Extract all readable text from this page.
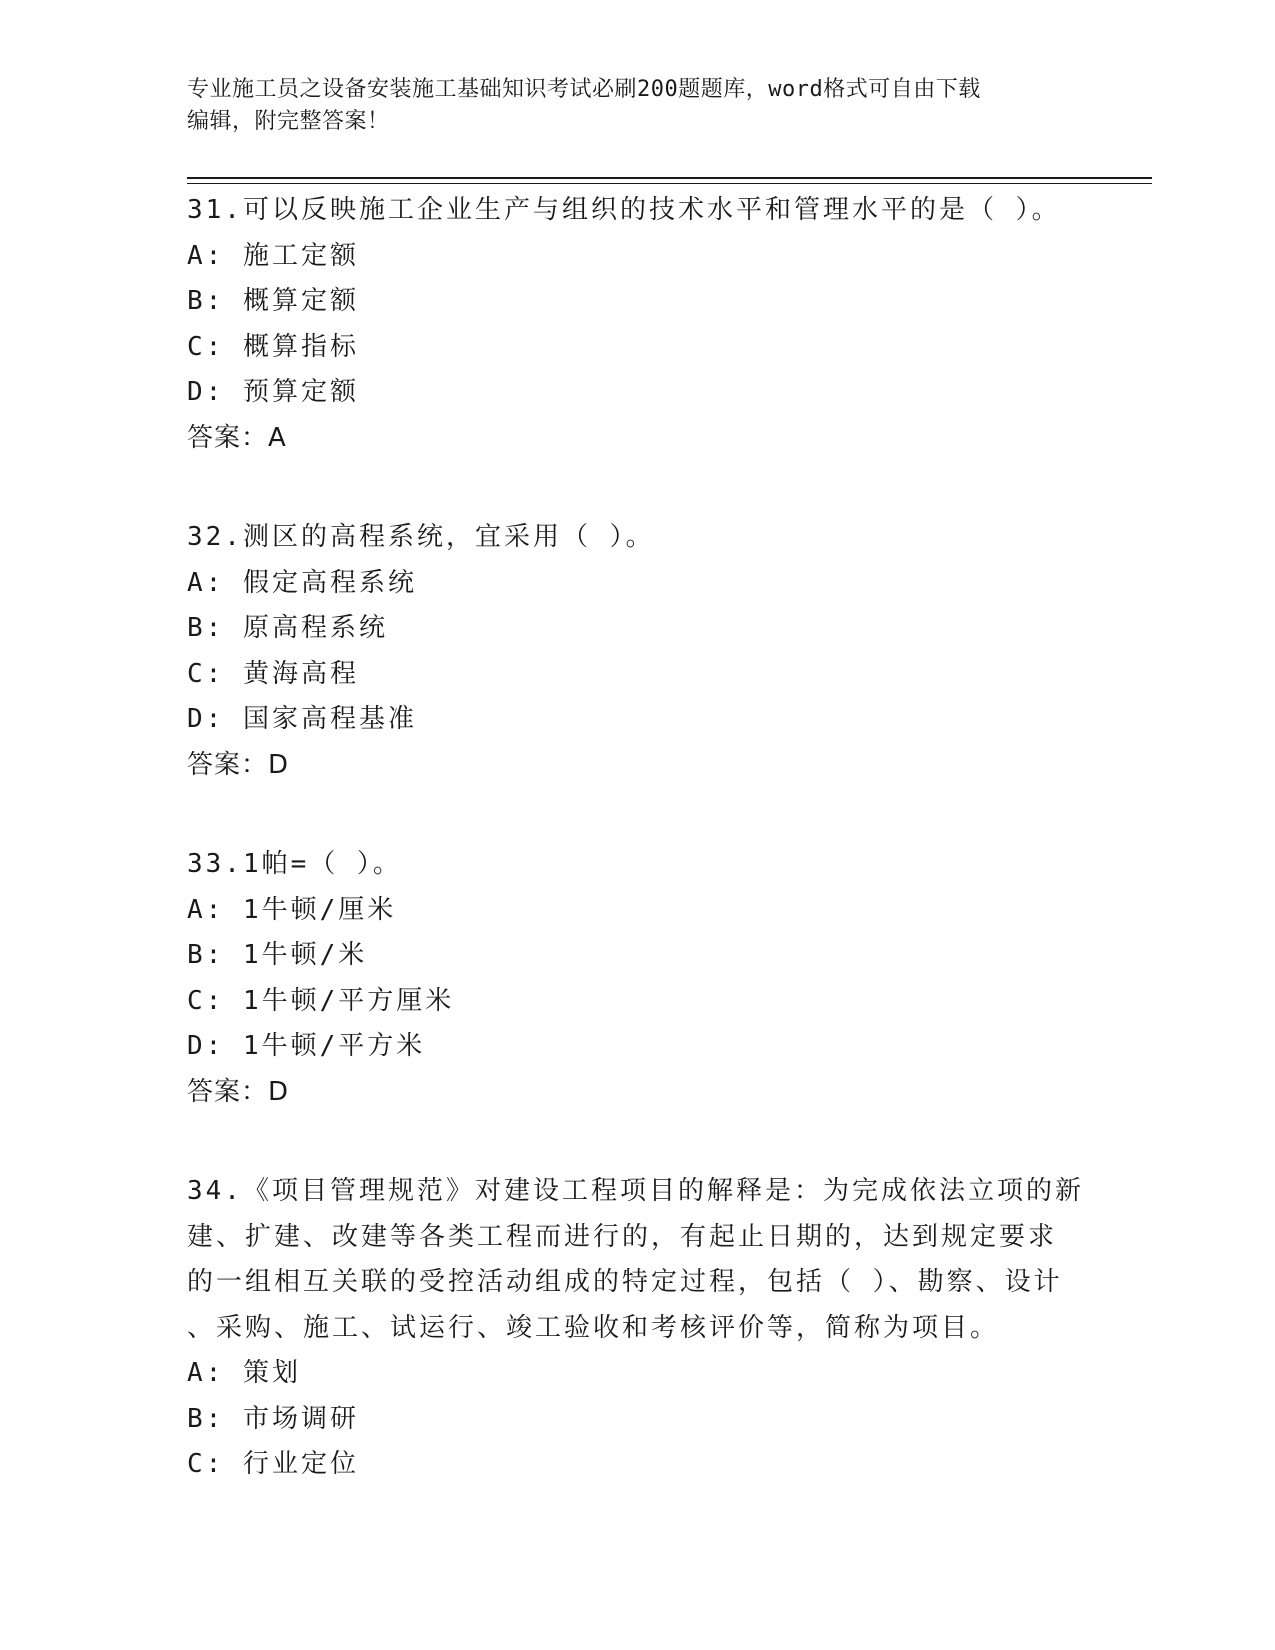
专业施工员之设备安装施工基础知识考试必刷200题题库，word格式可自由下载
编辑，附完整答案！
31.可以反映施工企业生产与组织的技术水平和管理水平的是（ ）。
A: 施工定额
B: 概算定额
C: 概算指标
D: 预算定额
答案：A
32.测区的高程系统，宜采用（ ）。
A: 假定高程系统
B: 原高程系统
C: 黄海高程
D: 国家高程基准
答案：D
33.1帕=（ ）。
A: 1牛顿/厘米
B: 1牛顿/米
C: 1牛顿/平方厘米
D: 1牛顿/平方米
答案：D
34.《项目管理规范》对建设工程项目的解释是：为完成依法立项的新
建、扩建、改建等各类工程而进行的，有起止日期的，达到规定要求
的一组相互关联的受控活动组成的特定过程，包括（ ）、勘察、设计
、采购、施工、试运行、竣工验收和考核评价等，简称为项目。
A: 策划
B: 市场调研
C: 行业定位
